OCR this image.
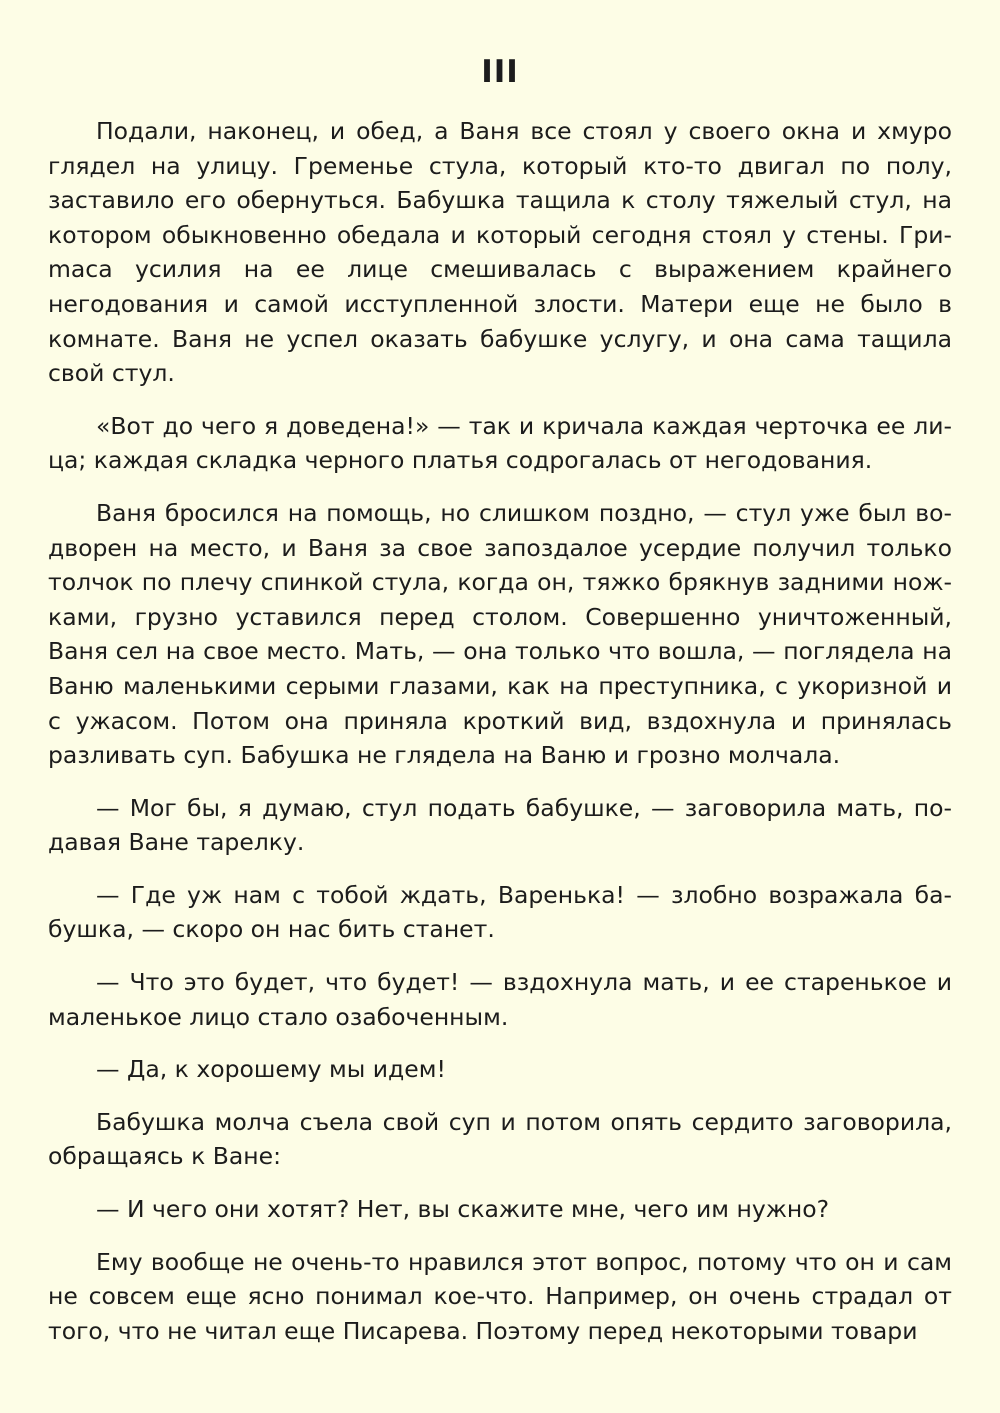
III

Подали, наконец, и обед, а Ваня все стоял у своего окна и хмуро глядел на улицу. Гременье стула, который кто-то двигал по полу, заставило его обернуться. Бабушка тащила к столу тяжелый стул, на котором обыкновенно обедала и который сегодня стоял у стены. Гриmаса усилия на ее лице смешивалась с выражением крайнего негодования и самой исступленной злости. Матери еще не было в комнате. Ваня не успел оказать бабушке услугу, и она сама тащила свой стул.

«Вот до чего я доведена!» — так и кричала каждая черточка ее лица; каждая складка черного платья содрогалась от негодования.

Ваня бросился на помощь, но слишком поздно, — стул уже был водворен на место, и Ваня за свое запоздалое усердие получил только толчок по плечу спинкой стула, когда он, тяжко брякнув задними ножками, грузно уставился перед столом. Совершенно уничтоженный, Ваня сел на свое место. Мать, — она только что вошла, — поглядела на Ваню маленькими серыми глазами, как на преступника, с укоризной и с ужасом. Потом она приняла кроткий вид, вздохнула и принялась разливать суп. Бабушка не глядела на Ваню и грозно молчала.

— Мог бы, я думаю, стул подать бабушке, — заговорила мать, подавая Ване тарелку.

— Где уж нам с тобой ждать, Варенька! — злобно возражала бабушка, — скоро он нас бить станет.

— Что это будет, что будет! — вздохнула мать, и ее старенькое и маленькое лицо стало озабоченным.

— Да, к хорошему мы идем!

Бабушка молча съела свой суп и потом опять сердито заговорила, обращаясь к Ване:

— И чего они хотят? Нет, вы скажите мне, чего им нужно?

Ему вообще не очень-то нравился этот вопрос, потому что он и сам не совсем еще ясно понимал кое-что. Например, он очень страдал от того, что не читал еще Писарева. Поэтому перед некоторыми товари
